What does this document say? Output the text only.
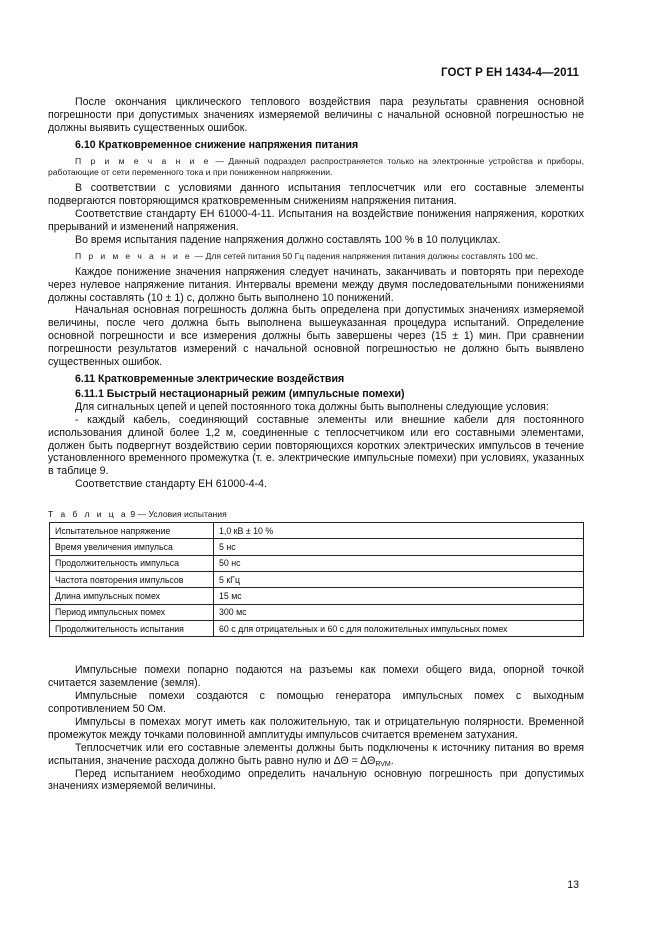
ГОСТ Р ЕН 1434-4—2011

После окончания циклического теплового воздействия пара результаты сравнения основной погрешности при допустимых значениях измеряемой величины с начальной основной погрешностью не должны выявить существенных ошибок.

6.10 Кратковременное снижение напряжения питания

П р и м е ч а н и е — Данный подраздел распространяется только на электронные устройства и приборы, работающие от сети переменного тока и при пониженном напряжении.

В соответствии с условиями данного испытания теплосчетчик или его составные элементы подвергаются повторяющимся кратковременным снижениям напряжения питания.

Соответствие стандарту ЕН 61000-4-11. Испытания на воздействие понижения напряжения, коротких прерываний и изменений напряжения.

Во время испытания падение напряжения должно составлять 100 % в 10 полуциклах.

П р и м е ч а н и е — Для сетей питания 50 Гц падения напряжения питания должны составлять 100 мс.

Каждое понижение значения напряжения следует начинать, заканчивать и повторять при переходе через нулевое напряжение питания. Интервалы времени между двумя последовательными понижениями должны составлять (10 ± 1) с, должно быть выполнено 10 понижений.

Начальная основная погрешность должна быть определена при допустимых значениях измеряемой величины, после чего должна быть выполнена вышеуказанная процедура испытаний. Определение основной погрешности и все измерения должны быть завершены через (15 ± 1) мин. При сравнении погрешности результатов измерений с начальной основной погрешностью не должно быть выявлено существенных ошибок.

6.11 Кратковременные электрические воздействия
6.11.1 Быстрый нестационарный режим (импульсные помехи)

Для сигнальных цепей и цепей постоянного тока должны быть выполнены следующие условия:

- каждый кабель, соединяющий составные элементы или внешние кабели для постоянного использования длиной более 1,2 м, соединенные с теплосчетчиком или его составными элементами, должен быть подвергнут воздействию серии повторяющихся коротких электрических импульсов в течение установленного временного промежутка (т. е. электрические импульсные помехи) при условиях, указанных в таблице 9.

Соответствие стандарту ЕН 61000-4-4.

Т а б л и ц а 9 — Условия испытания
Испытательное напряжение	1,0 кВ ± 10 %
Время увеличения импульса	5 нс
Продолжительность импульса	50 нс
Частота повторения импульсов	5 кГц
Длина импульсных помех	15 мс
Период импульсных помех	300 мс
Продолжительность испытания	60 с для отрицательных и 60 с для положительных импульсных помех

Импульсные помехи попарно подаются на разъемы как помехи общего вида, опорной точкой считается заземление (земля).

Импульсные помехи создаются с помощью генератора импульсных помех с выходным сопротивлением 50 Ом.

Импульсы в помехах могут иметь как положительную, так и отрицательную полярности. Временной промежуток между точками половинной амплитуды импульсов считается временем затухания.

Теплосчетчик или его составные элементы должны быть подключены к источнику питания во время испытания, значение расхода должно быть равно нулю и $\Delta\Theta = \Delta\Theta_{RVM}$.

Перед испытанием необходимо определить начальную основную погрешность при допустимых значениях измеряемой величины.

13
